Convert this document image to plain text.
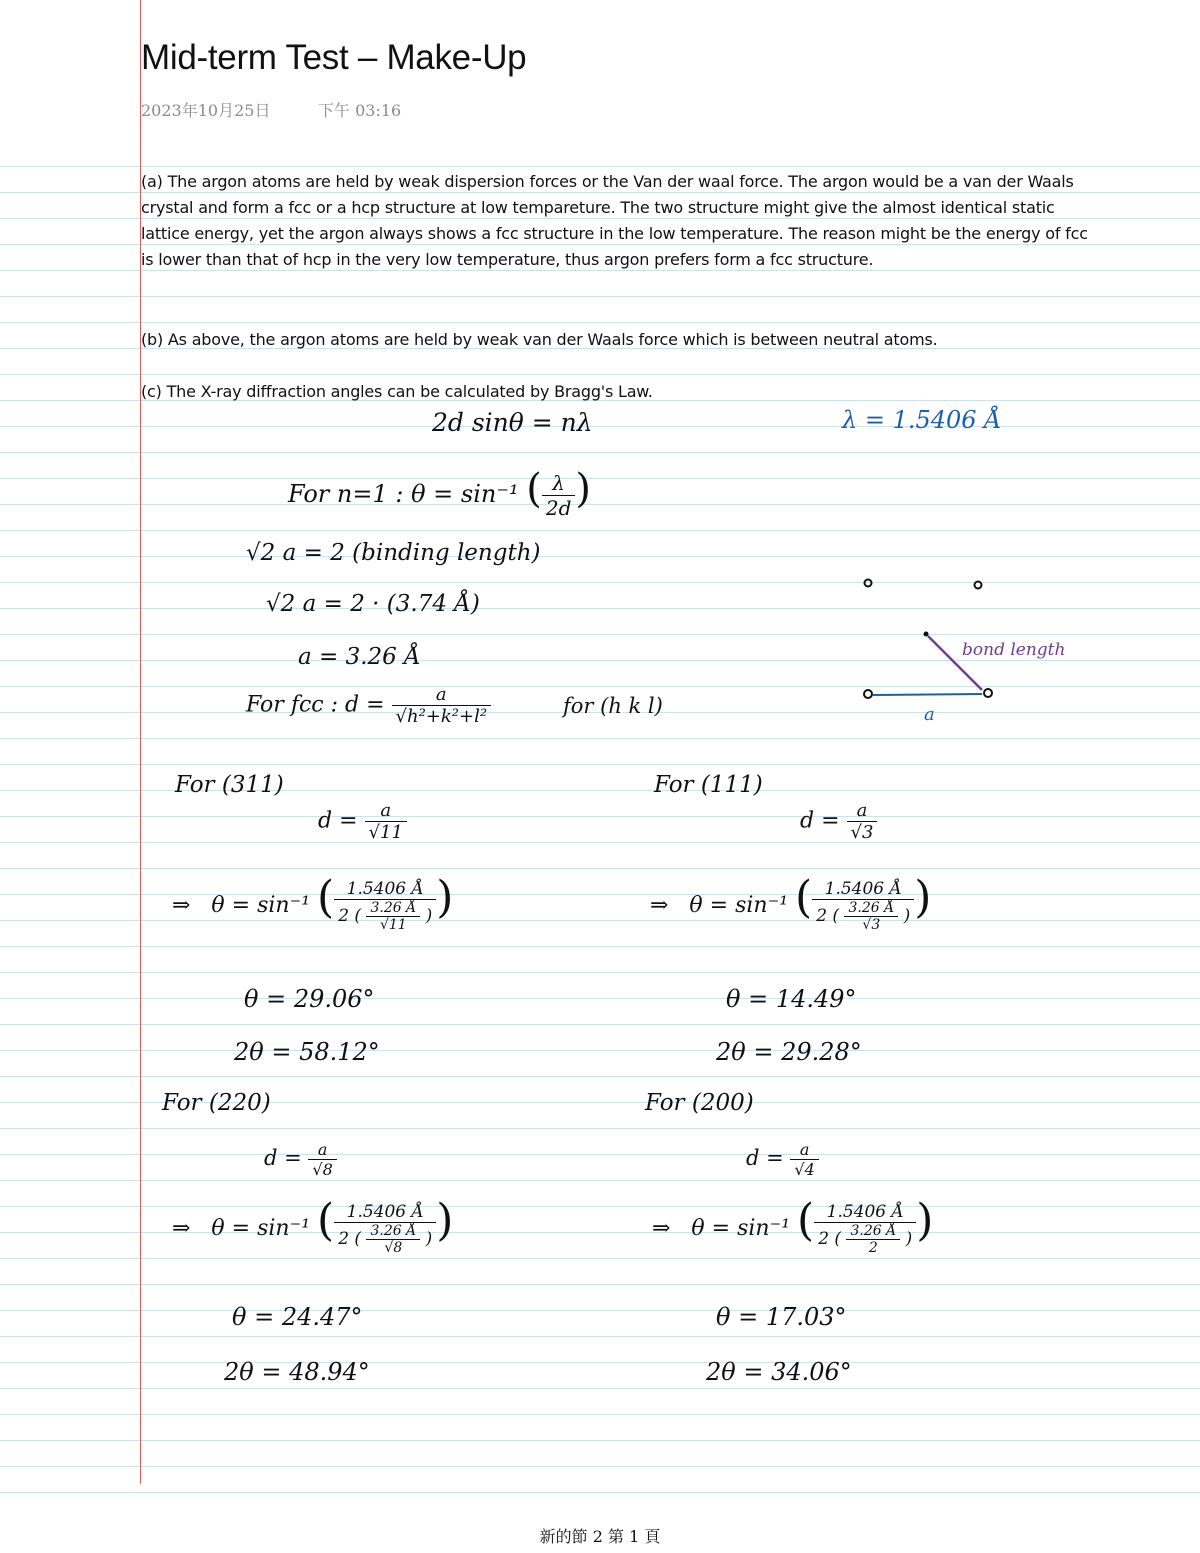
Mid-term Test – Make-Up
2023年10月25日	下午 03:16
(a) The argon atoms are held by weak dispersion forces or the Van der waal force. The argon would be a van der Waals crystal and form a fcc or a hcp structure at low tempareture. The two structure might give the almost identical static lattice energy, yet the argon always shows a fcc structure in the low temperature. The reason might be the energy of fcc is lower than that of hcp in the very low temperature, thus argon prefers form a fcc structure.
(b) As above, the argon atoms are held by weak van der Waals force which is between neutral atoms.
(c) The X-ray diffraction angles can be calculated by Bragg's Law.
2d sinθ = nλ	λ = 1.5406 Å
For n=1 : θ = sin⁻¹ ( $\frac{\lambda}{2d}$ )
√2 a = 2 (binding length)
√2 a = 2 · (3.74 Å)
a = 3.26 Å
For fcc : $d = \frac{a}{\text{√h²+k²+l²}}$	for (h k l)
bond length
a
For (311)
$d = \frac{a}{√11}$
⇒ θ = sin⁻¹ ( $\frac{1.5406 Å}{2 ( \frac{3.26 Å}{√11} )}$ )
θ = 29.06°
2θ = 58.12°
For (111)
$d = \frac{a}{√3}$
⇒ θ = sin⁻¹ ( $\frac{1.5406 Å}{2 ( \frac{3.26 Å}{√3} )}$ )
θ = 14.49°
2θ = 29.28°
For (220)
$d = \frac{a}{√8}$
⇒ θ = sin⁻¹ ( $\frac{1.5406 Å}{2 ( \frac{3.26 Å}{√8} )}$ )
θ = 24.47°
2θ = 48.94°
For (200)
$d = \frac{a}{√4}$
⇒ θ = sin⁻¹ ( $\frac{1.5406 Å}{2 ( \frac{3.26 Å}{2} )}$ )
θ = 17.03°
2θ = 34.06°
新的節 2 第 1 頁
